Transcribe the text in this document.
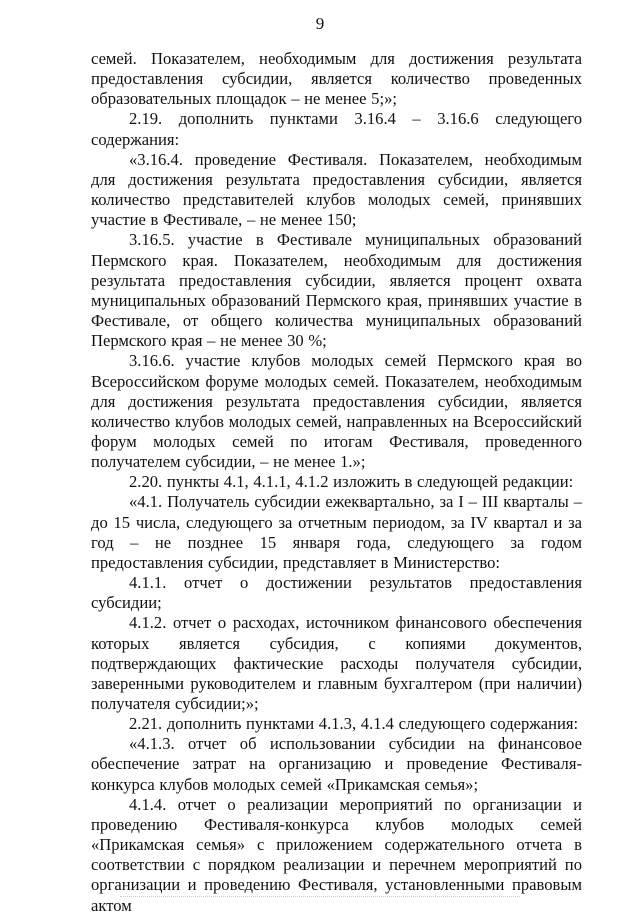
9

семей. Показателем, необходимым для достижения результата предоставления субсидии, является количество проведенных образовательных площадок – не менее 5;»;

2.19. дополнить пунктами 3.16.4 – 3.16.6 следующего содержания:

«3.16.4. проведение Фестиваля. Показателем, необходимым для достижения результата предоставления субсидии, является количество представителей клубов молодых семей, принявших участие в Фестивале, – не менее 150;

3.16.5. участие в Фестивале муниципальных образований Пермского края. Показателем, необходимым для достижения результата предоставления субсидии, является процент охвата муниципальных образований Пермского края, принявших участие в Фестивале, от общего количества муниципальных образований Пермского края – не менее 30 %;

3.16.6. участие клубов молодых семей Пермского края во Всероссийском форуме молодых семей. Показателем, необходимым для достижения результата предоставления субсидии, является количество клубов молодых семей, направленных на Всероссийский форум молодых семей по итогам Фестиваля, проведенного получателем субсидии, – не менее 1.»;

2.20. пункты 4.1, 4.1.1, 4.1.2 изложить в следующей редакции:

«4.1. Получатель субсидии ежеквартально, за I – III кварталы – до 15 числа, следующего за отчетным периодом, за IV квартал и за год – не позднее 15 января года, следующего за годом предоставления субсидии, представляет в Министерство:

4.1.1. отчет о достижении результатов предоставления субсидии;

4.1.2. отчет о расходах, источником финансового обеспечения которых является субсидия, с копиями документов, подтверждающих фактические расходы получателя субсидии, заверенными руководителем и главным бухгалтером (при наличии) получателя субсидии;»;

2.21. дополнить пунктами 4.1.3, 4.1.4 следующего содержания:

«4.1.3. отчет об использовании субсидии на финансовое обеспечение затрат на организацию и проведение Фестиваля-конкурса клубов молодых семей «Прикамская семья»;

4.1.4. отчет о реализации мероприятий по организации и проведению Фестиваля-конкурса клубов молодых семей «Прикамская семья» с приложением содержательного отчета в соответствии с порядком реализации и перечнем мероприятий по организации и проведению Фестиваля, установленными правовым актом
